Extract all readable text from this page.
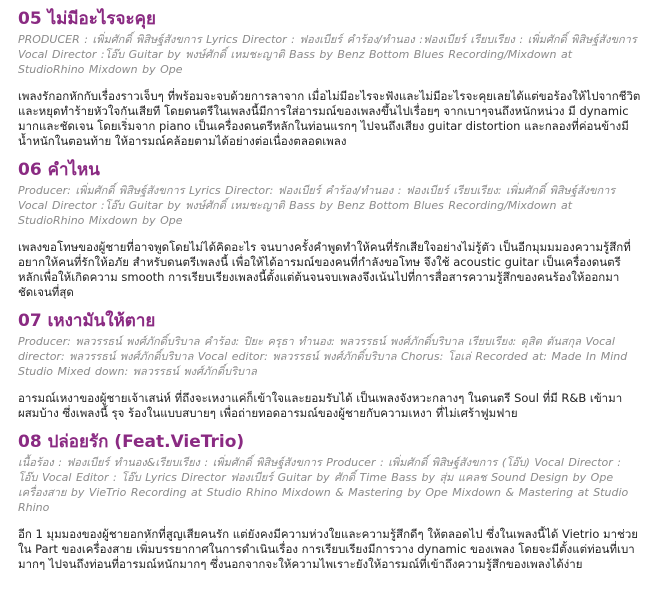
05 ไม่มีอะไรจะคุย

PRODUCER : เพิ่มศักดิ์ พิสิษฐ์สังขการ Lyrics Director : ฟองเบียร์ คำร้อง/ทำนอง :ฟองเบียร์ เรียบเรียง : เพิ่มศักดิ์ พิสิษฐ์สังขการ Vocal Director :โอ๊บ Guitar by พงษ์ศักดิ์ เหมชะญาติ Bass by Benz Bottom Blues Recording/Mixdown at StudioRhino Mixdown by Ope

เพลงรักอกหักกับเรื่องราวเจ็บๆ ที่พร้อมจะจบด้วยการลาจาก เมื่อไม่มีอะไรจะฟังและไม่มีอะไรจะคุยเลยได้แต่ขอร้องให้ไปจากชีวิตและหยุดทำร้ายหัวใจกันเสียที โดยดนตรีในเพลงนี้มีการใส่อารมณ์ของเพลงขึ้นไปเรื่อยๆ จากเบาๆจนถึงหนักหน่วง มี dynamic มากและชัดเจน โดยเริ่มจาก piano เป็นเครื่องดนตรีหลักในท่อนแรกๆ ไปจนถึงเสียง guitar distortion และกลองที่ค่อนข้างมีน้ำหนักในตอนท้าย ให้อารมณ์คล้อยตามได้อย่างต่อเนื่องตลอดเพลง

06 คำไหน

Producer: เพิ่มศักดิ์ พิสิษฐ์สังขการ Lyrics Director: ฟองเบียร์ คำร้อง/ทำนอง : ฟองเบียร์ เรียบเรียง: เพิ่มศักดิ์ พิสิษฐ์สังขการ Vocal Director :โอ๊บ Guitar by พงษ์ศักดิ์ เหมชะญาติ Bass by Benz Bottom Blues Recording/Mixdown at StudioRhino Mixdown by Ope

เพลงขอโทษของผู้ชายที่อาจพูดโดยไม่ได้คิดอะไร จนบางครั้งคำพูดทำให้คนที่รักเสียใจอย่างไม่รู้ตัว เป็นอีกมุมมมองความรู้สึกที่อยากให้คนที่รักให้อภัย สำหรับดนตรีเพลงนี้ เพื่อให้ได้อารมณ์ของคนที่กำลังขอโทษ จึงใช้ acoustic guitar เป็นเครื่องดนตรีหลักเพื่อให้เกิดความ smooth การเรียบเรียงเพลงนี้ตั้งแต่ต้นจนจบเพลงจึงเน้นไปที่การสื่อสารความรู้สึกของคนร้องให้ออกมาชัดเจนที่สุด

07 เหงามันให้ตาย

Producer: พลวรรธน์ พงศ์ภักดิ์บริบาล คำร้อง: ปิยะ ครุธา ทำนอง: พลวรรธน์ พงศ์ภักดิ์บริบาล เรียบเรียง: ดุสิต ตันสกุล Vocal director: พลวรรธน์ พงศ์ภักดิ์บริบาล Vocal editor: พลวรรธน์ พงศ์ภักดิ์บริบาล Chorus: โอเล่ Recorded at: Made In Mind Studio Mixed down: พลวรรธน์ พงศ์ภักดิ์บริบาล

อารมณ์เหงาของผู้ชายเจ้าเสน่ห์ ที่ถึงจะเหงาแค่ก็เข้าใจและยอมรับได้ เป็นเพลงจังหวะกลางๆ ในดนตรี Soul ที่มี R&B เข้ามาผสมบ้าง ซึ่งเพลงนี้ รุจ ร้องในแบบสบายๆ เพื่อถ่ายทอดอารมณ์ของผู้ชายกับความเหงา ที่ไม่เศร้าฟูมฟาย

08 ปล่อยรัก (Feat.VieTrio)

เนื้อร้อง : ฟองเบียร์ ทำนอง&เรียบเรียง : เพิ่มศักดิ์ พิสิษฐ์สังขการ Producer : เพิ่มศักดิ์ พิสิษฐ์สังขการ (โอ๊บ) Vocal Director : โอ๊บ Vocal Editor : โอ๊บ Lyrics Director ฟองเบียร์ Guitar by ศักดิ์ Time Bass by สุ่ม แคลช Sound Design by Ope เครื่องสาย by VieTrio Recording at Studio Rhino Mixdown & Mastering by Ope Mixdown & Mastering at Studio Rhino

อีก 1 มุมมองของผู้ชายอกหักที่สูญเสียคนรัก แต่ยังคงมีความห่วงใยและความรู้สึกดีๆ ให้ตลอดไป ซึ่งในเพลงนี้ได้ Vietrio มาช่วยใน Part ของเครื่องสาย เพิ่มบรรยากาศในการดำเนินเรื่อง การเรียบเรียงมีการวาง dynamic ของเพลง โดยจะมีตั้งแต่ท่อนที่เบามากๆ ไปจนถึงท่อนที่อารมณ์หนักมากๆ ซึ่งนอกจากจะให้ความไพเราะยังให้อารมณ์ที่เข้าถึงความรู้สึกของเพลงได้ง่าย
